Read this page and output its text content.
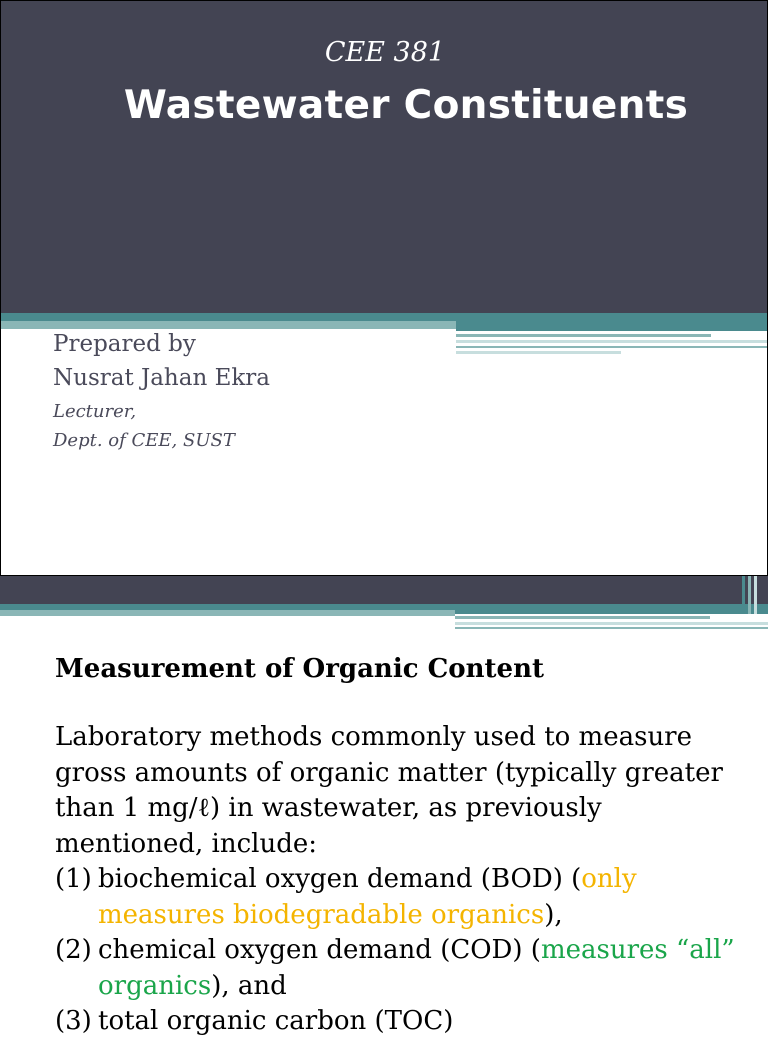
CEE 381
Wastewater Constituents
Prepared by
Nusrat Jahan Ekra
Lecturer,
Dept. of CEE, SUST
Measurement of Organic Content
Laboratory methods commonly used to measure gross amounts of organic matter (typically greater than 1 mg/ℓ) in wastewater, as previously mentioned, include:
(1) biochemical oxygen demand (BOD) (only measures biodegradable organics),
(2) chemical oxygen demand (COD) (measures “all” organics), and
(3) total organic carbon (TOC)
